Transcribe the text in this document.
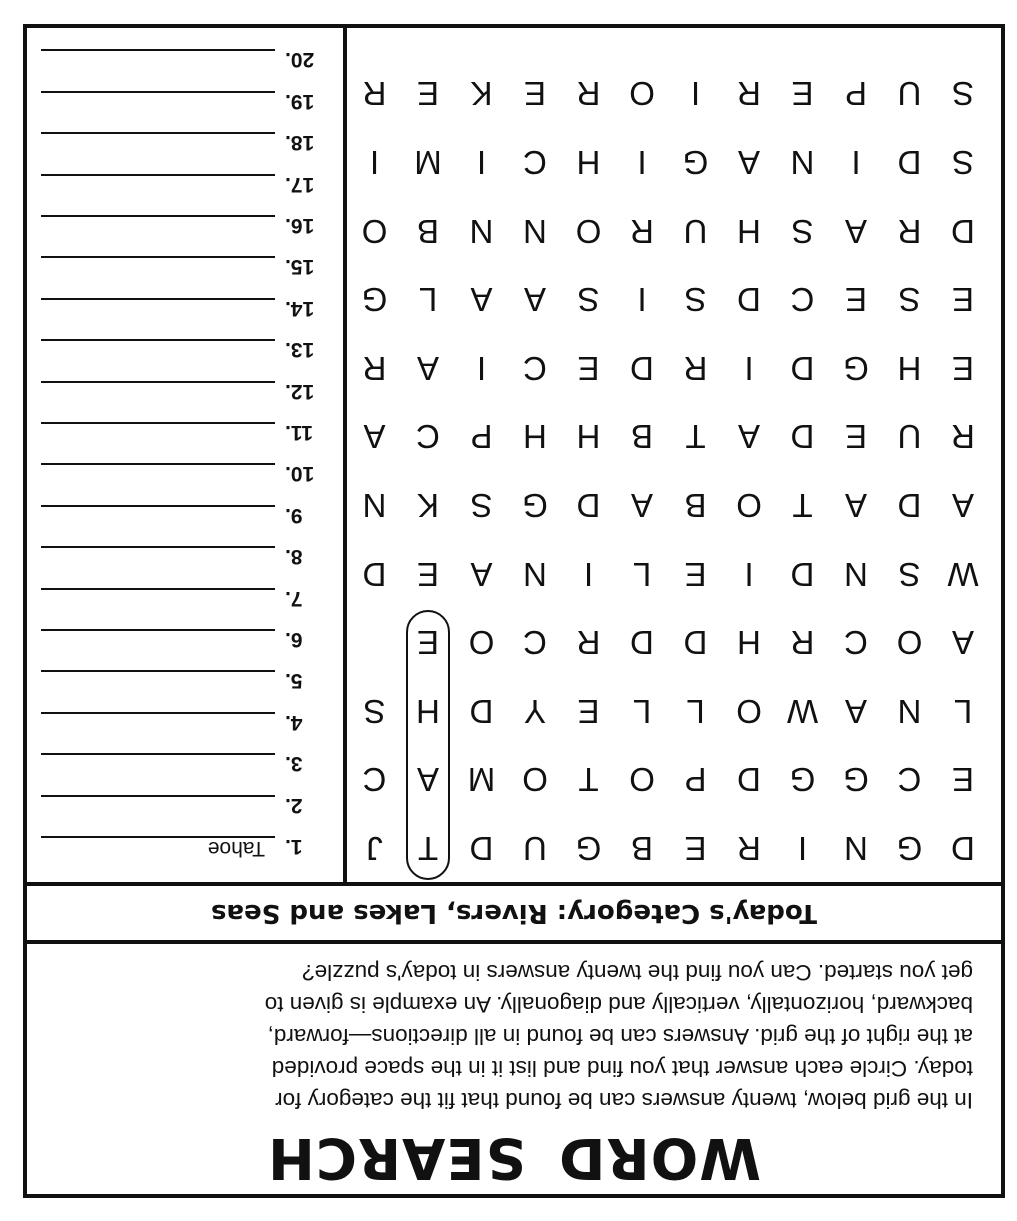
WORDSEARCH
In the grid below, twenty answers can be found that fit the category for
today. Circle each answer that you find and list it in the space provided
at the right of the grid. Answers can be found in all directions—forward,
backward, horizontally, vertically and diagonally. An example is given to
get you started. Can you find the twenty answers in today's puzzle?
Today's Category: Rivers, Lakes and Seas
D
G
N
I
R
E
B
G
U
D
T
J
E
C
G
G
D
P
O
T
O
M
A
C
L
N
A
W
O
L
L
E
Y
D
H
S
A
O
C
R
H
D
D
R
C
O
E
W
S
N
D
I
E
L
I
N
A
E
D
A
D
A
T
O
B
A
D
G
S
K
N
R
U
E
D
A
T
B
H
H
P
C
A
E
H
G
D
I
R
D
E
C
I
A
R
E
S
E
C
D
S
I
S
A
A
L
G
D
R
A
S
H
U
R
O
N
N
B
O
S
D
I
N
A
G
I
H
C
I
M
I
S
U
P
E
R
I
O
R
E
K
E
R
1.
Tahoe
2.
3.
4.
5.
6.
7.
8.
9.
10.
11.
12.
13.
14.
15.
16.
17.
18.
19.
20.
